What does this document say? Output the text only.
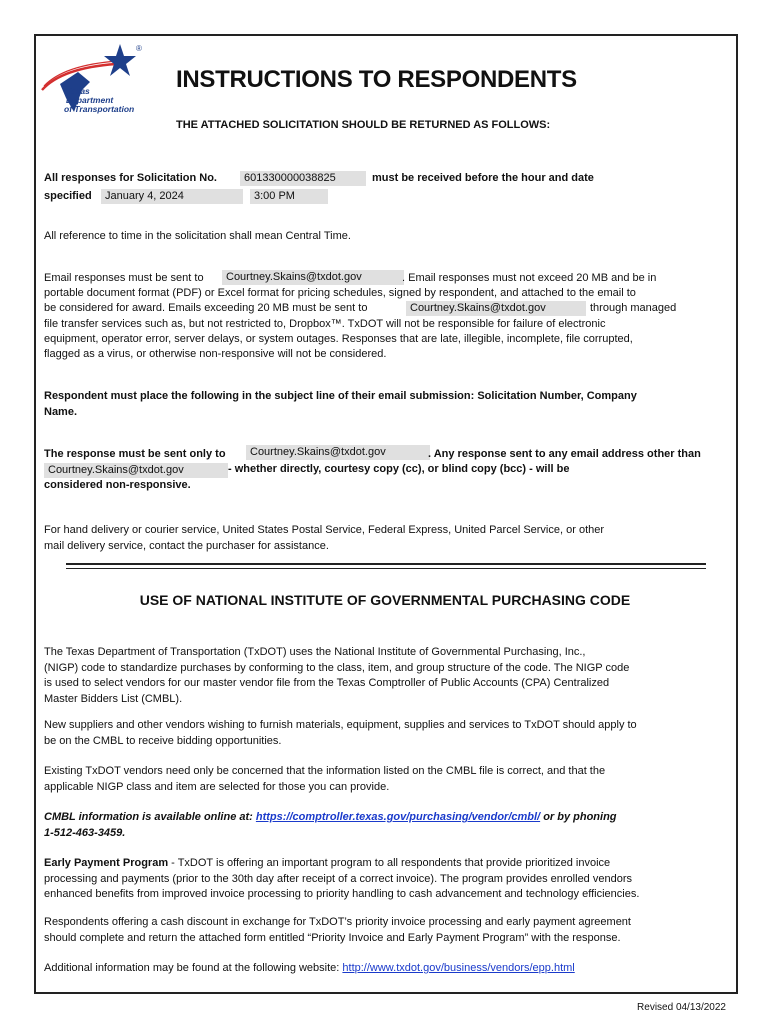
®
Texas
Department
of Transportation
INSTRUCTIONS TO RESPONDENTS
THE ATTACHED SOLICITATION SHOULD BE RETURNED AS FOLLOWS:
All responses for Solicitation No.	601330000038825	must be received before the hour and date
specified	January 4, 2024	3:00 PM
All reference to time in the solicitation shall mean Central Time.
Email responses must be sent to	Courtney.Skains@txdot.gov	. Email responses must not exceed 20 MB and be in
portable document format (PDF) or Excel format for pricing schedules, signed by respondent, and attached to the email to
be considered for award. Emails exceeding 20 MB must be sent to	Courtney.Skains@txdot.gov	through managed
file transfer services such as, but not restricted to, Dropbox™. TxDOT will not be responsible for failure of electronic
equipment, operator error, server delays, or system outages. Responses that are late, illegible, incomplete, file corrupted,
flagged as a virus, or otherwise non-responsive will not be considered.
Respondent must place the following in the subject line of their email submission: Solicitation Number, Company
Name.
The response must be sent only to	Courtney.Skains@txdot.gov	. Any response sent to any email address other than
Courtney.Skains@txdot.gov	- whether directly, courtesy copy (cc), or blind copy (bcc) - will be
considered non-responsive.
For hand delivery or courier service, United States Postal Service, Federal Express, United Parcel Service, or other
mail delivery service, contact the purchaser for assistance.
USE OF NATIONAL INSTITUTE OF GOVERNMENTAL PURCHASING CODE
The Texas Department of Transportation (TxDOT) uses the National Institute of Governmental Purchasing, Inc.,
(NIGP) code to standardize purchases by conforming to the class, item, and group structure of the code. The NIGP code
is used to select vendors for our master vendor file from the Texas Comptroller of Public Accounts (CPA) Centralized
Master Bidders List (CMBL).
New suppliers and other vendors wishing to furnish materials, equipment, supplies and services to TxDOT should apply to
be on the CMBL to receive bidding opportunities.
Existing TxDOT vendors need only be concerned that the information listed on the CMBL file is correct, and that the
applicable NIGP class and item are selected for those you can provide.
CMBL information is available online at: https://comptroller.texas.gov/purchasing/vendor/cmbl/ or by phoning
1-512-463-3459.
Early Payment Program - TxDOT is offering an important program to all respondents that provide prioritized invoice
processing and payments (prior to the 30th day after receipt of a correct invoice). The program provides enrolled vendors
enhanced benefits from improved invoice processing to priority handling to cash advancement and technology efficiencies.
Respondents offering a cash discount in exchange for TxDOT’s priority invoice processing and early payment agreement
should complete and return the attached form entitled “Priority Invoice and Early Payment Program” with the response.
Additional information may be found at the following website: http://www.txdot.gov/business/vendors/epp.html
Revised 04/13/2022
